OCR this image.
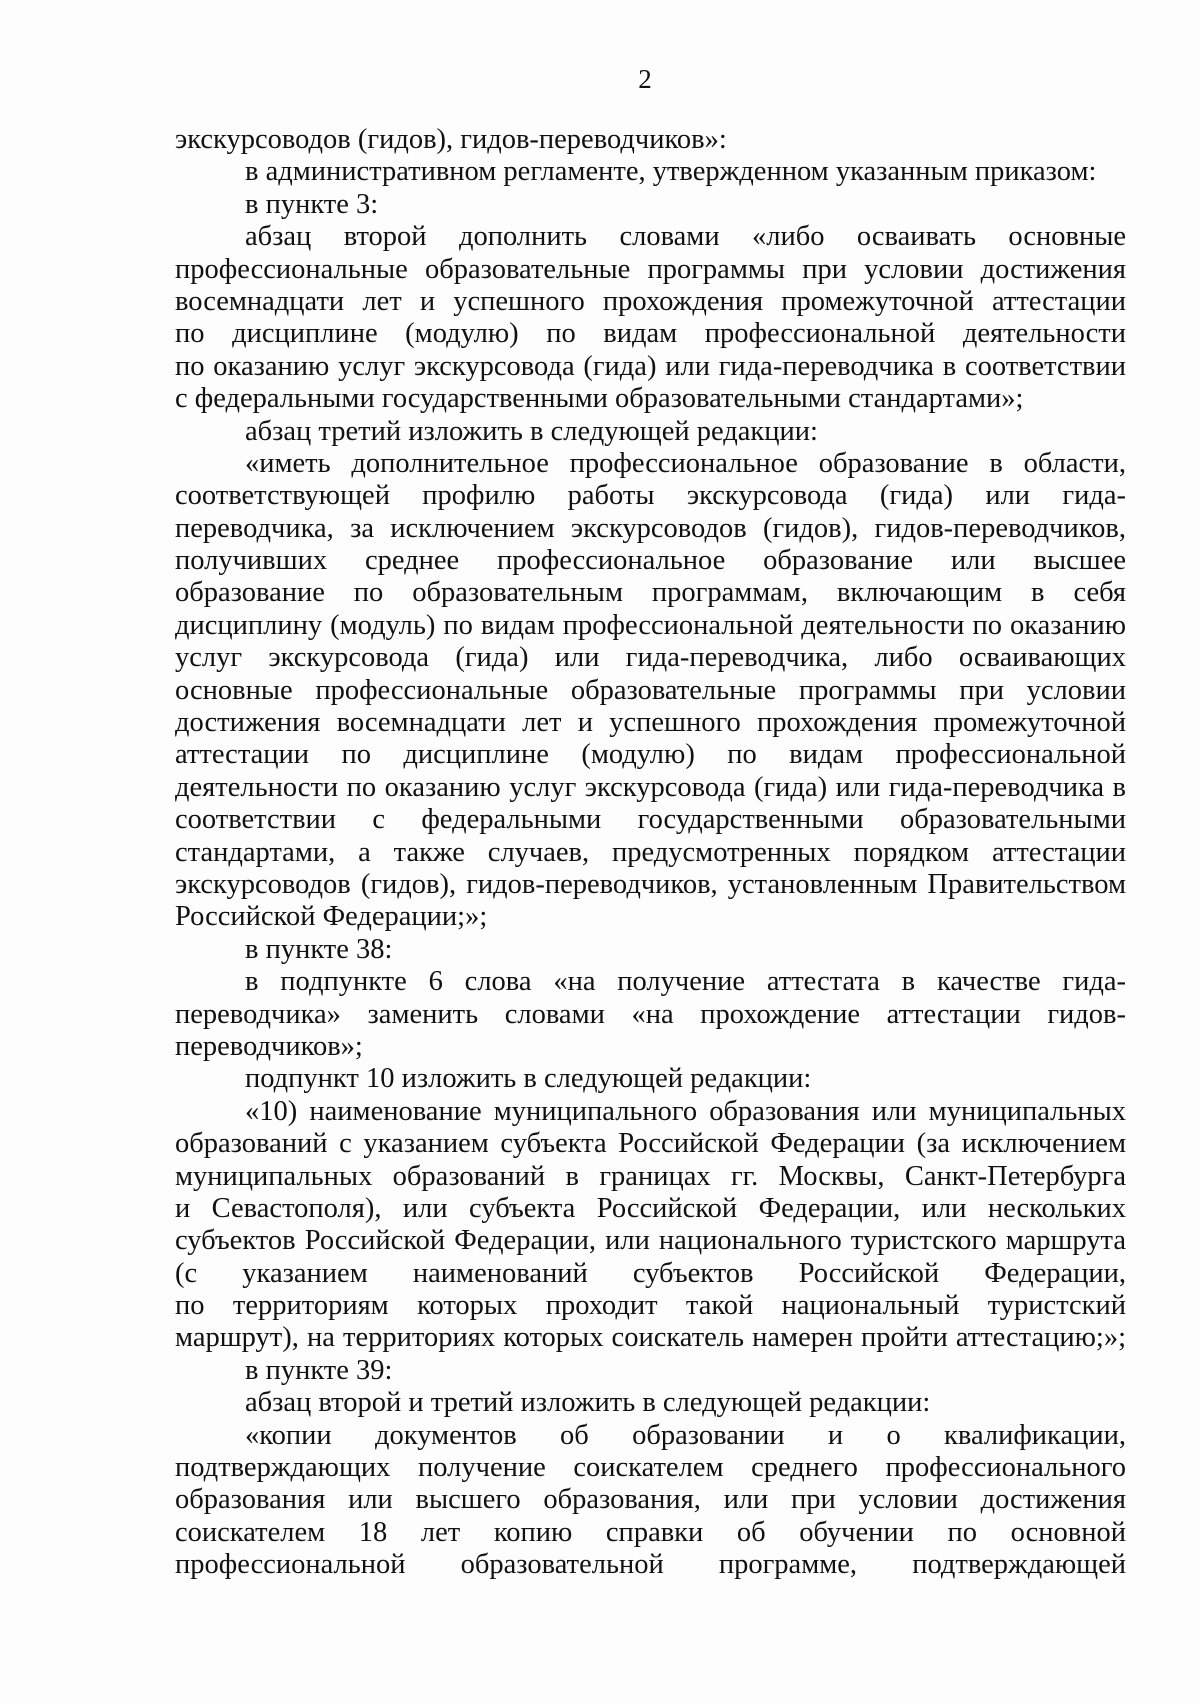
2
экскурсоводов (гидов), гидов-переводчиков»:
в административном регламенте, утвержденном указанным приказом:
в пункте 3:
абзац второй дополнить словами «либо осваивать основные
профессиональные образовательные программы при условии достижения
восемнадцати лет и успешного прохождения промежуточной аттестации
по дисциплине (модулю) по видам профессиональной деятельности
по оказанию услуг экскурсовода (гида) или гида-переводчика в соответствии
с федеральными государственными образовательными стандартами»;
абзац третий изложить в следующей редакции:
«иметь дополнительное профессиональное образование в области,
соответствующей профилю работы экскурсовода (гида) или гида-
переводчика, за исключением экскурсоводов (гидов), гидов-переводчиков,
получивших среднее профессиональное образование или высшее
образование по образовательным программам, включающим в себя
дисциплину (модуль) по видам профессиональной деятельности по оказанию
услуг экскурсовода (гида) или гида-переводчика, либо осваивающих
основные профессиональные образовательные программы при условии
достижения восемнадцати лет и успешного прохождения промежуточной
аттестации по дисциплине (модулю) по видам профессиональной
деятельности по оказанию услуг экскурсовода (гида) или гида-переводчика в
соответствии с федеральными государственными образовательными
стандартами, а также случаев, предусмотренных порядком аттестации
экскурсоводов (гидов), гидов-переводчиков, установленным Правительством
Российской Федерации;»;
в пункте 38:
в подпункте 6 слова «на получение аттестата в качестве гида-
переводчика» заменить словами «на прохождение аттестации гидов-
переводчиков»;
подпункт 10 изложить в следующей редакции:
«10) наименование муниципального образования или муниципальных
образований с указанием субъекта Российской Федерации (за исключением
муниципальных образований в границах гг. Москвы, Санкт-Петербурга
и Севастополя), или субъекта Российской Федерации, или нескольких
субъектов Российской Федерации, или национального туристского маршрута
(с указанием наименований субъектов Российской Федерации,
по территориям которых проходит такой национальный туристский
маршрут), на территориях которых соискатель намерен пройти аттестацию;»;
в пункте 39:
абзац второй и третий изложить в следующей редакции:
«копии документов об образовании и о квалификации,
подтверждающих получение соискателем среднего профессионального
образования или высшего образования, или при условии достижения
соискателем 18 лет копию справки об обучении по основной
профессиональной образовательной программе, подтверждающей
